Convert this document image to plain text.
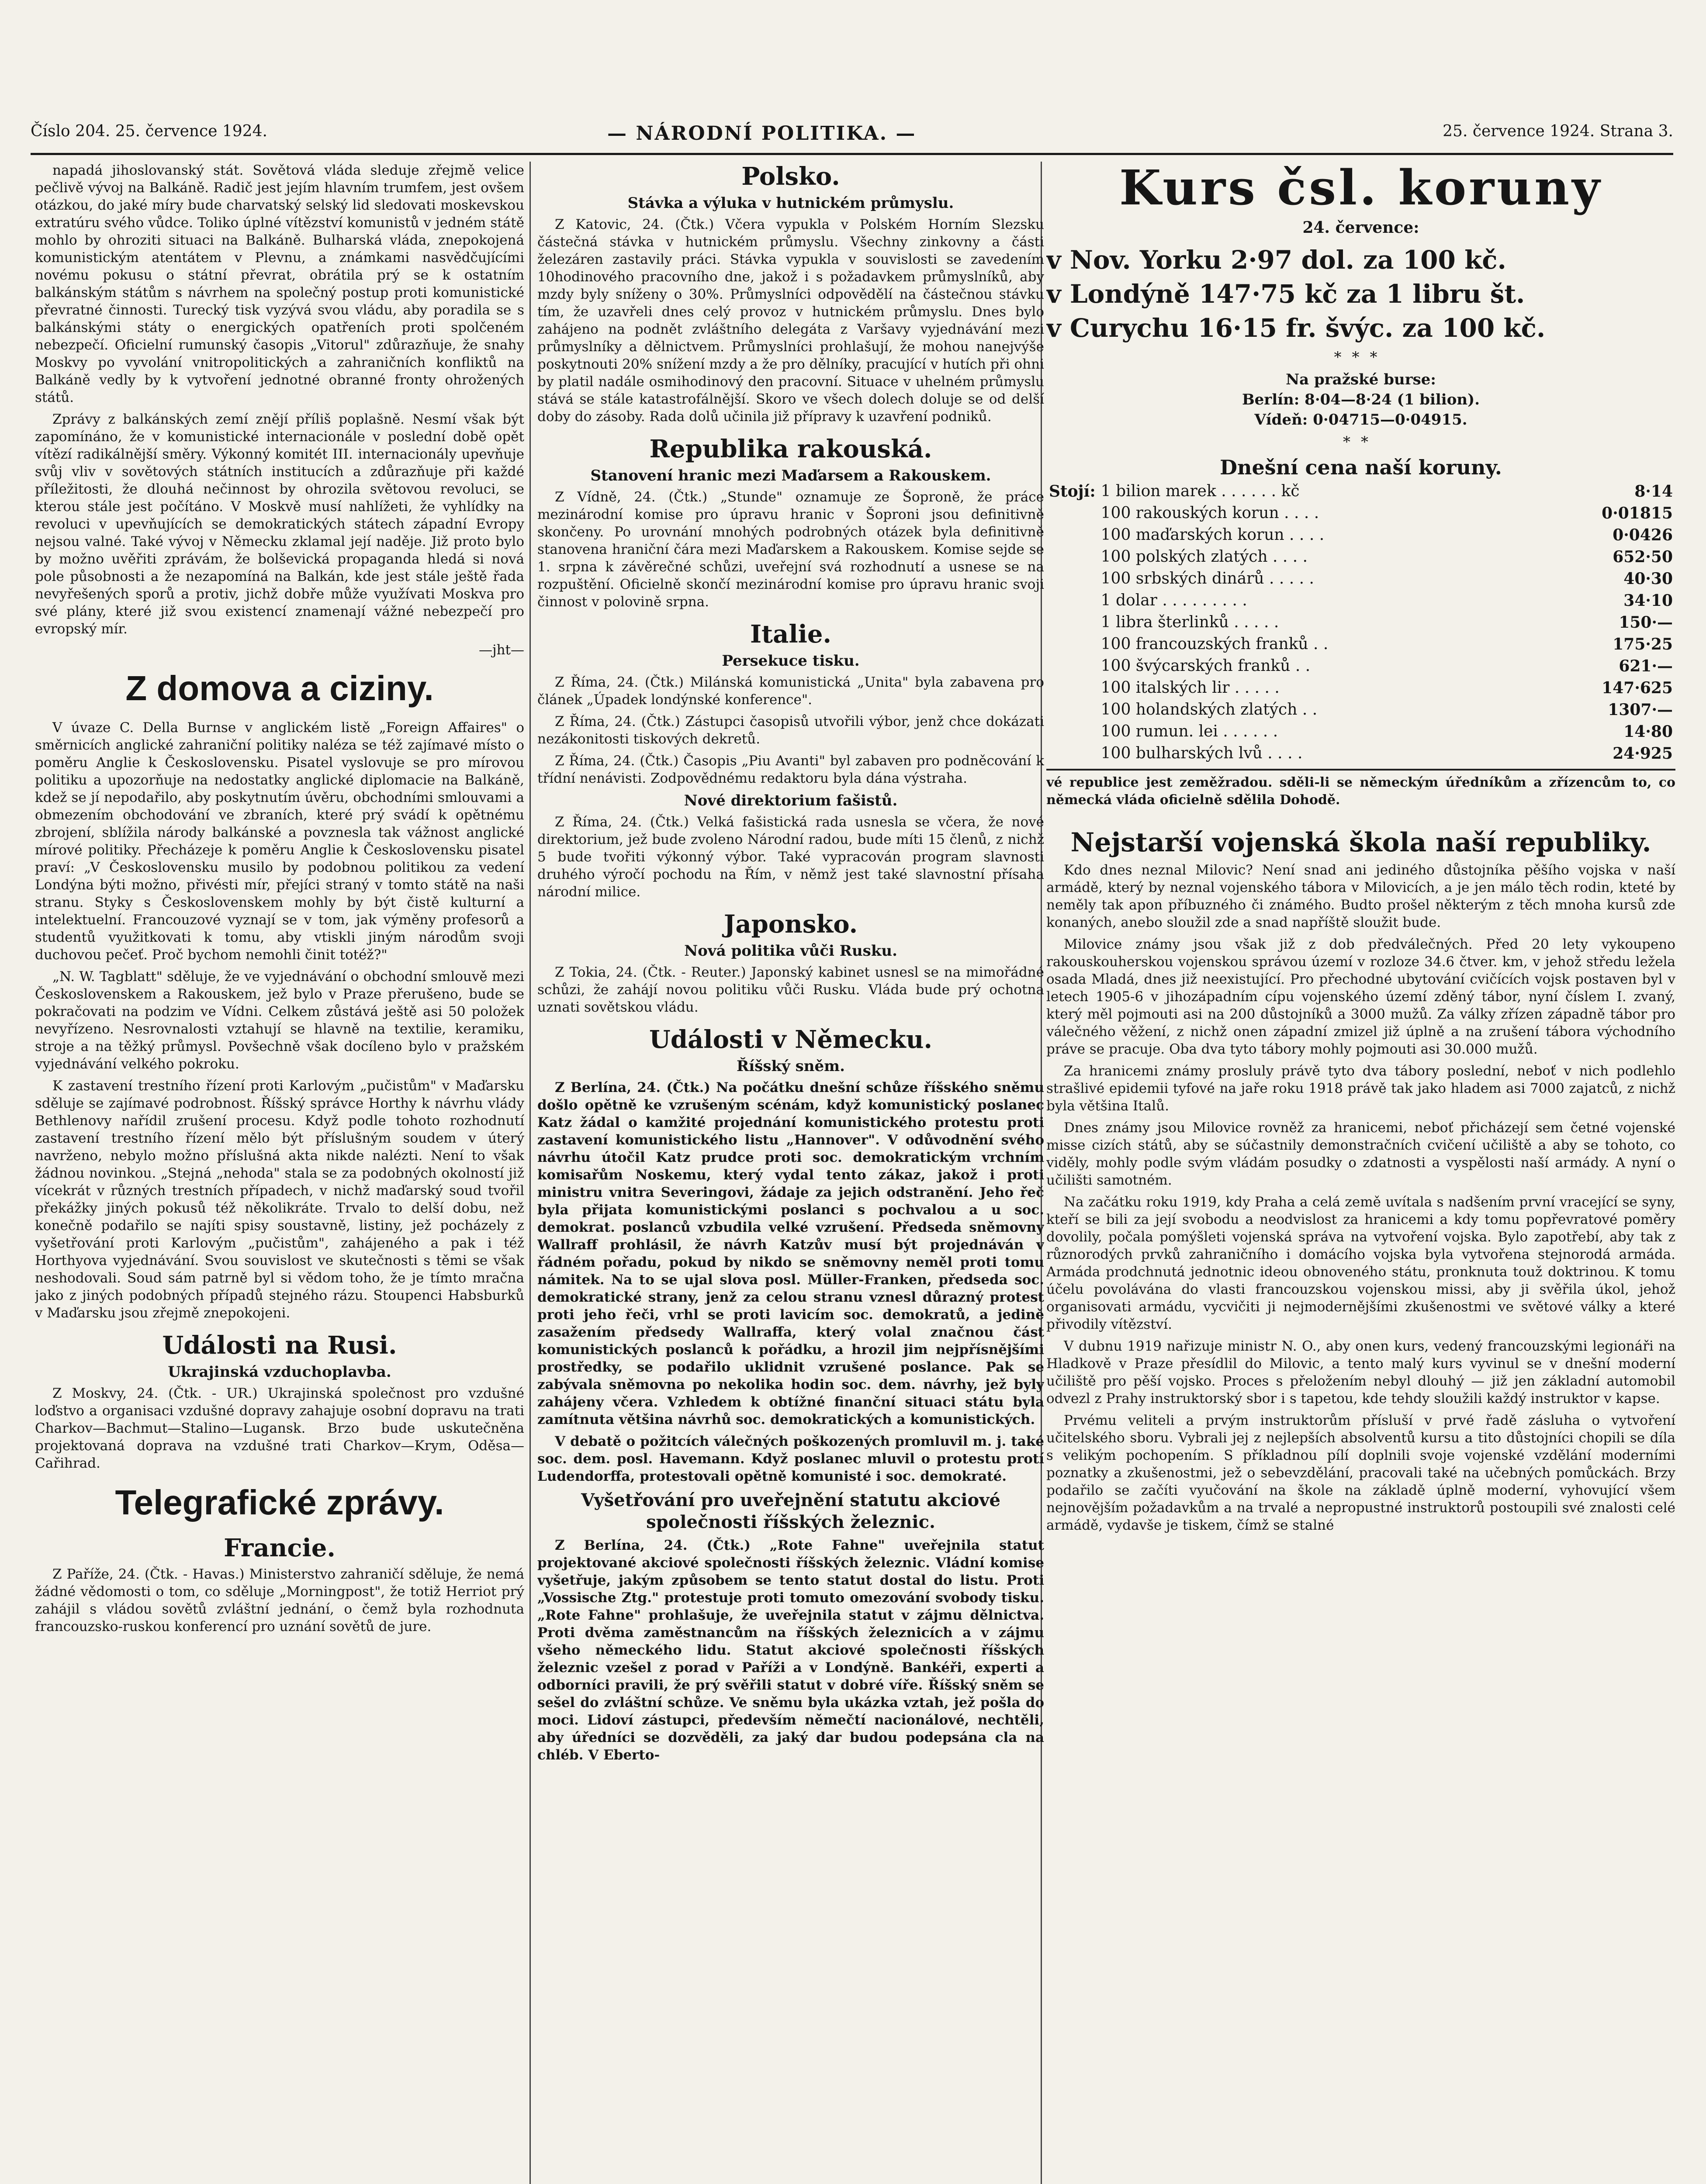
Číslo 204. 25. července 1924.	— NÁRODNÍ POLITIKA. —	25. července 1924. Strana 3.

napadá jihoslovanský stát. Sovětová vláda sleduje zřejmě velice pečlivě vývoj na Balkáně. Radič jest jejím hlavním trumfem, jest ovšem otázkou, do jaké míry bude charvatský selský lid sledovati moskevskou extratúru svého vůdce. Toliko úplné vítězství komunistů v jedném státě mohlo by ohroziti situaci na Balkáně. Bulharská vláda, znepokojená komunistickým atentátem v Plevnu, a známkami nasvědčujícími novému pokusu o státní převrat, obrátila prý se k ostatním balkánským státům s návrhem na společný postup proti komunistické převratné činnosti. Turecký tisk vyzývá svou vládu, aby poradila se s balkánskými státy o energických opatřeních proti spolčeném nebezpečí. Oficielní rumunský časopis „Vitorul" zdůrazňuje, že snahy Moskvy po vyvolání vnitropolitických a zahraničních konfliktů na Balkáně vedly by k vytvoření jednotné obranné fronty ohrožených států.

Zprávy z balkánských zemí znějí příliš poplašně. Nesmí však být zapomínáno, že v komunistické internacionále v poslední době opět vítězí radikálnější směry. Výkonný komitét III. internacionály upevňuje svůj vliv v sovětových státních institucích a zdůrazňuje při každé příležitosti, že dlouhá nečinnost by ohrozila světovou revoluci, se kterou stále jest počítáno. V Moskvě musí nahlížeti, že vyhlídky na revoluci v upevňujících se demokratických státech západní Evropy nejsou valné. Také vývoj v Německu zklamal její naděje. Již proto bylo by možno uvěřiti zprávám, že bolševická propaganda hledá si nová pole působnosti a že nezapomíná na Balkán, kde jest stále ještě řada nevyřešených sporů a protiv, jichž dobře může využívati Moskva pro své plány, které již svou existencí znamenají vážné nebezpečí pro evropský mír.

—jht—
Z domova a ciziny.

V úvaze C. Della Burnse v anglickém listě „Foreign Affaires" o směrnicích anglické zahraniční politiky naléza se též zajímavé místo o poměru Anglie k Československu. Pisatel vyslovuje se pro mírovou politiku a upozorňuje na nedostatky anglické diplomacie na Balkáně, kdež se jí nepodařilo, aby poskytnutím úvěru, obchodními smlouvami a obmezením obchodování ve zbraních, které prý svádí k opětnému zbrojení, sblížila národy balkánské a povznesla tak vážnost anglické mírové politiky. Přecházeje k poměru Anglie k Československu pisatel praví: „V Československu musilo by podobnou politikou za vedení Londýna býti možno, přivésti mír, přejíci straný v tomto státě na naši stranu. Styky s Československem mohly by být čistě kulturní a intelektuelní. Francouzové vyznají se v tom, jak výměny profesorů a studentů využitkovati k tomu, aby vtiskli jiným národům svoji duchovou pečeť. Proč bychom nemohli činit totéž?"

„N. W. Tagblatt" sděluje, že ve vyjednávání o obchodní smlouvě mezi Československem a Rakouskem, jež bylo v Praze přerušeno, bude se pokračovati na podzim ve Vídni. Celkem zůstává ještě asi 50 položek nevyřízeno. Nesrovnalosti vztahují se hlavně na textilie, keramiku, stroje a na těžký průmysl. Povšechně však docíleno bylo v pražském vyjednávání velkého pokroku.

K zastavení trestního řízení proti Karlovým „pučistům" v Maďarsku sděluje se zajímavé podrobnost. Říšský správce Horthy k návrhu vlády Bethlenovy nařídil zrušení procesu. Když podle tohoto rozhodnutí zastavení trestního řízení mělo být příslušným soudem v úterý navrženo, nebylo možno příslušná akta nikde nalézti. Není to však žádnou novinkou. „Stejná „nehoda" stala se za podobných okolností již vícekrát v různých trestních případech, v nichž maďarský soud tvořil překážky jiných pokusů též několikráte. Trvalo to delší dobu, než konečně podařilo se najíti spisy soustavně, listiny, jež pocházely z vyšetřování proti Karlovým „pučistům", zahájeného a pak i též Horthyova vyjednávání. Svou souvislost ve skutečnosti s těmi se však neshodovali. Soud sám patrně byl si vědom toho, že je tímto mračna jako z jiných podobných případů stejného rázu. Stoupenci Habsburků v Maďarsku jsou zřejmě znepokojeni.

Události na Rusi.
Ukrajinská vzduchoplavba.

Z Moskvy, 24. (Čtk. - UR.) Ukrajinská společnost pro vzdušné loďstvo a organisaci vzdušné dopravy zahajuje osobní dopravu na trati Charkov—Bachmut—Stalino—Lugansk. Brzo bude uskutečněna projektovaná doprava na vzdušné trati Charkov—Krym, Oděsa—Cařihrad.

Telegrafické zprávy.
Francie.

Z Paříže, 24. (Čtk. - Havas.) Ministerstvo zahraničí sděluje, že nemá žádné vědomosti o tom, co sděluje „Morningpost", že totiž Herriot prý zahájil s vládou sovětů zvláštní jednání, o čemž byla rozhodnuta francouzsko-ruskou konferencí pro uznání sovětů de jure.

Polsko.
Stávka a výluka v hutnickém průmyslu.

Z Katovic, 24. (Čtk.) Včera vypukla v Polském Horním Slezsku částečná stávka v hutnickém průmyslu. Všechny zinkovny a části železáren zastavily práci. Stávka vypukla v souvislosti se zavedením 10hodinového pracovního dne, jakož i s požadavkem průmyslníků, aby mzdy byly sníženy o 30%. Průmyslníci odpovědělí na částečnou stávku tím, že uzavřeli dnes celý provoz v hutnickém průmyslu. Dnes bylo zahájeno na podnět zvláštního delegáta z Varšavy vyjednávání mezi průmyslníky a dělnictvem. Průmyslníci prohlašují, že mohou nanejvýše poskytnouti 20% snížení mzdy a že pro dělníky, pracující v hutích při ohni by platil nadále osmihodinový den pracovní. Situace v uhelném průmyslu stává se stále katastrofálnější. Skoro ve všech dolech doluje se od delší doby do zásoby. Rada dolů učinila již přípravy k uzavření podniků.

Republika rakouská.
Stanovení hranic mezi Maďarsem a Rakouskem.

Z Vídně, 24. (Čtk.) „Stunde" oznamuje ze Šoproně, že práce mezinárodní komise pro úpravu hranic v Šoproni jsou definitivně skončeny. Po urovnání mnohých podrobných otázek byla definitivně stanovena hraniční čára mezi Maďarskem a Rakouskem. Komise sejde se 1. srpna k závěrečné schůzi, uveřejní svá rozhodnutí a usnese se na rozpuštění. Oficielně skončí mezinárodní komise pro úpravu hranic svoji činnost v polovině srpna.

Italie.
Persekuce tisku.

Z Říma, 24. (Čtk.) Milánská komunistická „Unita" byla zabavena pro článek „Úpadek londýnské konference".

Z Říma, 24. (Čtk.) Zástupci časopisů utvořili výbor, jenž chce dokázati nezákonitosti tiskových dekretů.

Z Říma, 24. (Čtk.) Časopis „Piu Avanti" byl zabaven pro podněcování k třídní nenávisti. Zodpovědnému redaktoru byla dána výstraha.

Nové direktorium fašistů.

Z Říma, 24. (Čtk.) Velká fašistická rada usnesla se včera, že nové direktorium, jež bude zvoleno Národní radou, bude míti 15 členů, z nichž 5 bude tvořiti výkonný výbor. Také vypracován program slavnosti druhého výročí pochodu na Řím, v němž jest také slavnostní přísaha národní milice.

Japonsko.
Nová politika vůči Rusku.

Z Tokia, 24. (Čtk. - Reuter.) Japonský kabinet usnesl se na mimořádné schůzi, že zahájí novou politiku vůči Rusku. Vláda bude prý ochotna uznati sovětskou vládu.

Události v Německu.
Říšský sněm.

Z Berlína, 24. (Čtk.) Na počátku dnešní schůze říšského sněmu došlo opětně ke vzrušeným scénám, když komunistický poslanec Katz žádal o kamžité projednání komunistického protestu proti zastavení komunistického listu „Hannover". V odůvodnění svého návrhu útočil Katz prudce proti soc. demokratickým vrchním komisařům Noskemu, který vydal tento zákaz, jakož i proti ministru vnitra Severingovi, žádaje za jejich odstranění. Jeho řeč byla přijata komunistickými poslanci s pochvalou a u soc. demokrat. poslanců vzbudila velké vzrušení. Předseda sněmovny Wallraff prohlásil, že návrh Katzův musí být projednáván v řádném pořadu, pokud by nikdo se sněmovny neměl proti tomu námitek. Na to se ujal slova posl. Müller-Franken, předseda soc. demokratické strany, jenž za celou stranu vznesl důrazný protest proti jeho řeči, vrhl se proti lavicím soc. demokratů, a jedině zasažením předsedy Wallraffa, který volal značnou část komunistických poslanců k pořádku, a hrozil jim nejpřísnějšími prostředky, se podařilo uklidnit vzrušené poslance. Pak se zabývala sněmovna po nekolika hodin soc. dem. návrhy, jež byly zahájeny včera. Vzhledem k obtížné finanční situaci státu byla zamítnuta většina návrhů soc. demokratických a komunistických.

V debatě o požitcích válečných poškozených promluvil m. j. také soc. dem. posl. Havemann. Když poslanec mluvil o protestu protí Ludendorffa, protestovali opětně komunisté i soc. demokraté.

Vyšetřování pro uveřejnění statutu akciové společnosti říšských železnic.

Z Berlína, 24. (Čtk.) „Rote Fahne" uveřejnila statut projektované akciové společnosti říšských železnic. Vládní komise vyšetřuje, jakým způsobem se tento statut dostal do listu. Proti „Vossische Ztg." protestuje proti tomuto omezování svobody tisku. „Rote Fahne" prohlašuje, že uveřejnila statut v zájmu dělnictva. Proti dvěma zaměstnancům na říšských železnicích a v zájmu všeho německého lidu. Statut akciové společnosti říšských železnic vzešel z porad v Paříži a v Londýně. Bankéři, experti a odborníci pravili, že prý svěřili statut v dobré víře. Říšský sněm se sešel do zvláštní schůze. Ve sněmu byla ukázka vztah, jež pošla do moci. Lidoví zástupci, především němečtí nacionálové, nechtěli, aby úředníci se dozvěděli, za jaký dar budou podepsána cla na chléb. V Eberto-

Kurs čsl. koruny
24. července:
v Nov. Yorku 2·97 dol. za 100 kč.
v Londýně 147·75 kč za 1 libru št.
v Curychu 16·15 fr. švýc. za 100 kč.
***
Na pražské burse:
Berlín: 8·04—8·24 (1 bilion).
Vídeň: 0·04715—0·04915.
**
Dnešní cena naší koruny.
Stojí:	1 bilion marek . . . . . . kč	8·14
	100 rakouských korun . . . .	0·01815
	100 maďarských korun . . . .	0·0426
	100 polských zlatých . . . .	652·50
	100 srbských dinárů . . . . .	40·30
	1 dolar . . . . . . . . .	34·10
	1 libra šterlinků . . . . .	150·—
	100 francouzských franků . .	175·25
	100 švýcarských franků . .	621·—
	100 italských lir . . . . .	147·625
	100 holandských zlatých . .	1307·—
	100 rumun. lei . . . . . .	14·80
	100 bulharských lvů . . . .	24·925
vé republice jest zeměžradou. sděli-li se německým úředníkům a zřízencům to, co německá vláda oficielně sdělila Dohodě.
Nejstarší vojenská škola naší republiky.

Kdo dnes neznal Milovic? Není snad ani jediného důstojníka pěšího vojska v naší armádě, který by neznal vojenského tábora v Milovicích, a je jen málo těch rodin, kteté by neměly tak apon příbuzného či známého. Budto prošel některým z těch mnoha kursů zde konaných, anebo sloužil zde a snad napříště sloužit bude.

Milovice známy jsou však již z dob předválečných. Před 20 lety vykoupeno rakouskouherskou vojenskou správou území v rozloze 34.6 čtver. km, v jehož středu ležela osada Mladá, dnes již neexistující. Pro přechodné ubytování cvičících vojsk postaven byl v letech 1905-6 v jihozápadním cípu vojenského území zděný tábor, nyní číslem I. zvaný, který měl pojmouti asi na 200 důstojníků a 3000 mužů. Za války zřízen západně tábor pro válečného věžení, z nichž onen západní zmizel již úplně a na zrušení tábora východního práve se pracuje. Oba dva tyto tábory mohly pojmouti asi 30.000 mužů.

Za hranicemi známy prosluly právě tyto dva tábory poslední, neboť v nich podlehlo strašlivé epidemii tyfové na jaře roku 1918 právě tak jako hladem asi 7000 zajatců, z nichž byla většina Italů.

Dnes známy jsou Milovice rovněž za hranicemi, neboť přicházejí sem četné vojenské misse cizích států, aby se súčastnily demonstračních cvičení učiliště a aby se tohoto, co viděly, mohly podle svým vládám posudky o zdatnosti a vyspělosti naší armády. A nyní o učilišti samotném.

Na začátku roku 1919, kdy Praha a celá země uvítala s nadšením první vracející se syny, kteří se bili za její svobodu a neodvislost za hranicemi a kdy tomu popřevratové poměry dovolily, počala pomýšleti vojenská správa na vytvoření vojska. Bylo zapotřebí, aby tak z různorodých prvků zahraničního i domácího vojska byla vytvořena stejnorodá armáda. Armáda prodchnutá jednotnic ideou obnoveného státu, pronknuta touž doktrinou. K tomu účelu povolávána do vlasti francouzskou vojenskou missi, aby ji svěřila úkol, jehož organisovati armádu, vycvičiti ji nejmodernějšími zkušenostmi ve světové války a které přivodily vítězství.

V dubnu 1919 nařizuje ministr N. O., aby onen kurs, vedený francouzskými legionáři na Hladkově v Praze přesídlil do Milovic, a tento malý kurs vyvinul se v dnešní moderní učiliště pro pěší vojsko. Proces s přeložením nebyl dlouhý — již jen základní automobil odvezl z Prahy instruktorský sbor i s tapetou, kde tehdy sloužili každý instruktor v kapse.

Prvému veliteli a prvým instruktorům přísluší v prvé řadě zásluha o vytvoření učitelského sboru. Vybrali jej z nejlepších absolventů kursu a tito důstojníci chopili se díla s velikým pochopením. S příkladnou pílí doplnili svoje vojenské vzdělání moderními poznatky a zkušenostmi, jež o sebevzdělání, pracovali také na učebných pomůckách. Brzy podařilo se začíti vyučování na škole na základě úplně moderní, vyhovující všem nejnovějším požadavkům a na trvalé a nepropustné instruktorů postoupili své znalosti celé armádě, vydavše je tiskem, čímž se stalné
